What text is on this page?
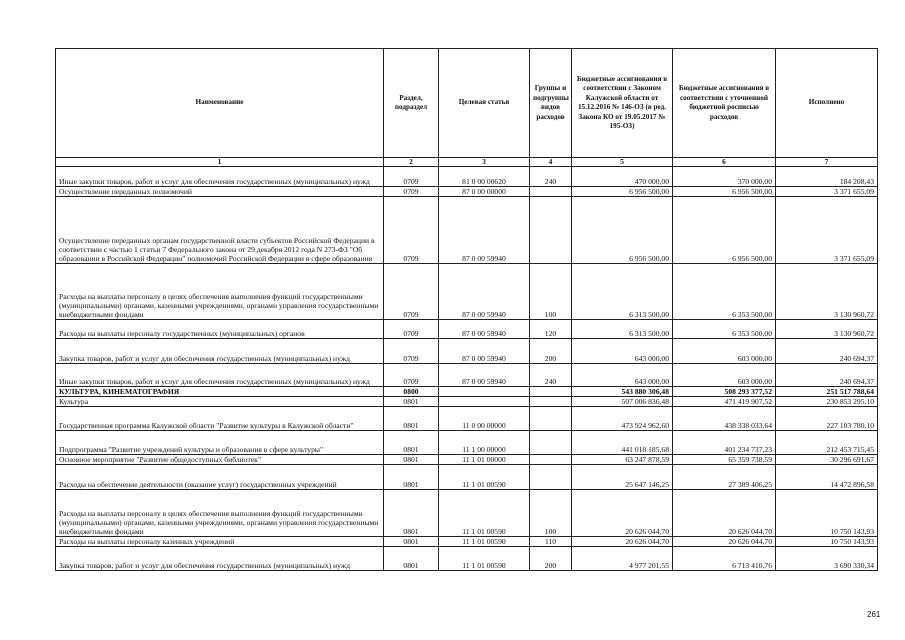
Наименование	Раздел, подраздел	Целевая статья	Группы и подгруппы видов расходов	Бюджетные ассигнования в соответствии с Законом Калужской области от 15.12.2016 № 146-ОЗ (в ред. Закона КО от 19.05.2017 № 195-ОЗ)	Бюджетные ассигнования в соответствии с уточненной бюджетной росписью расходов	Исполнено
1	2	3	4	5	6	7
Иные закупки товаров, работ и услуг для обеспечения государственных (муниципальных) нужд	0709	81 0 00 00620	240	470 000,00	370 000,00	184 208,43
Осуществление переданных полномочий	0709	87 0 00 00000		6 956 500,00	6 956 500,00	3 371 655,09
Осуществление переданных органам государственной власти субъектов Российской Федерации в соответствии с частью 1 статьи 7 Федерального закона от 29 декабря 2012 года N 273-ФЗ "Об образовании в Российской Федерации" полномочий Российской Федерации в сфере образования	0709	87 0 00 59940		6 956 500,00	6 956 500,00	3 371 655,09
Расходы на выплаты персоналу в целях обеспечения выполнения функций государственными (муниципальными) органами, казенными учреждениями, органами управления государственными внебюджетными фондами	0709	87 0 00 59940	100	6 313 500,00	6 353 500,00	3 130 960,72
Расходы на выплаты персоналу государственных (муниципальных) органов	0709	87 0 00 59940	120	6 313 500,00	6 353 500,00	3 130 960,72
Закупка товаров, работ и услуг для обеспечения государственных (муниципальных) нужд	0709	87 0 00 59940	200	643 000,00	603 000,00	240 694,37
Иные закупки товаров, работ и услуг для обеспечения государственных (муниципальных) нужд	0709	87 0 00 59940	240	643 000,00	603 000,00	240 694,37
КУЛЬТУРА, КИНЕМАТОГРАФИЯ	0800			543 880 306,48	508 293 377,52	251 517 788,64
Культура	0801			507 006 836,48	471 419 907,52	230 853 295,10
Государственная программа Калужской области "Развитие культуры в Калужской области"	0801	11 0 00 00000		473 924 962,60	438 338 033,64	227 103 780,10
Подпрограмма "Развитие учреждений культуры и образования в сфере культуры"	0801	11 1 00 00000		441 018 185,68	401 234 737,23	212 453 715,45
Основное мероприятие "Развитие общедоступных библиотек"	0801	11 1 01 00000		63 247 878,59	65 359 738,59	30 296 691,67
Расходы на обеспечение деятельности (оказание услуг) государственных учреждений	0801	11 1 01 00590		25 647 146,25	27 389 406,25	14 472 896,58
Расходы на выплаты персоналу в целях обеспечения выполнения функций государственными (муниципальными) органами, казенными учреждениями, органами управления государственными внебюджетными фондами	0801	11 1 01 00590	100	20 626 044,70	20 626 044,70	10 750 143,93
Расходы на выплаты персоналу казенных учреждений	0801	11 1 01 00590	110	20 626 044,70	20 626 044,70	10 750 143,93
Закупка товаров, работ и услуг для обеспечения государственных (муниципальных) нужд	0801	11 1 01 00590	200	4 977 201,55	6 713 410,76	3 690 330,34
261
